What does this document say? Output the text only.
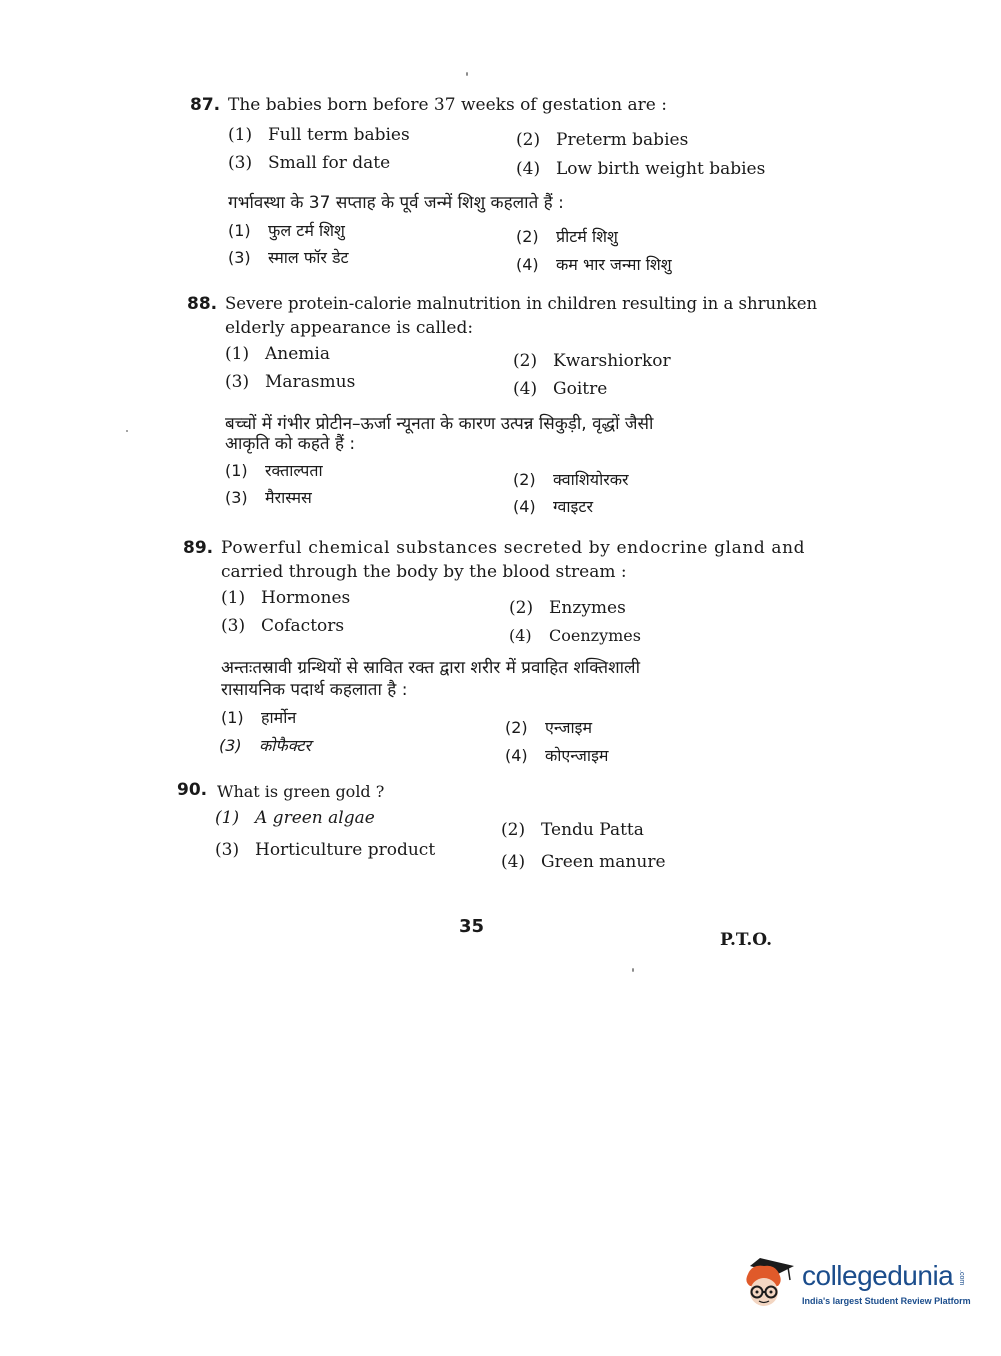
87. The babies born before 37 weeks of gestation are :
(1) Full term babies	(2) Preterm babies
(3) Small for date	(4) Low birth weight babies
गर्भावस्था के 37 सप्ताह के पूर्व जन्में शिशु कहलाते हैं :
(1) फुल टर्म शिशु	(2) प्रीटर्म शिशु
(3) स्माल फॉर डेट	(4) कम भार जन्मा शिशु
88. Severe protein-calorie malnutrition in children resulting in a shrunken
elderly appearance is called:
(1) Anemia	(2) Kwarshiorkor
(3) Marasmus	(4) Goitre
बच्चों में गंभीर प्रोटीन–ऊर्जा न्यूनता के कारण उत्पन्न सिकुड़ी, वृद्धों जैसी
आकृति को कहते हैं :
(1) रक्ताल्पता	(2) क्वाशियोरकर
(3) मैरास्मस	(4) ग्वाइटर
89. Powerful chemical substances secreted by endocrine gland and
carried through the body by the blood stream :
(1) Hormones	(2) Enzymes
(3) Cofactors	(4) Coenzymes
अन्तःतस्रावी ग्रन्थियों से स्रावित रक्त द्वारा शरीर में प्रवाहित शक्तिशाली
रासायनिक पदार्थ कहलाता है :
(1) हार्मोन
(2) एन्जाइम
(3) कोफैक्टर
(4) कोएन्जाइम
90. What is green gold ?
(1) A green algae
(2) Tendu Patta
(3) Horticulture product
(4) Green manure
35
P.T.O.
collegedunia .com
India's largest Student Review Platform
